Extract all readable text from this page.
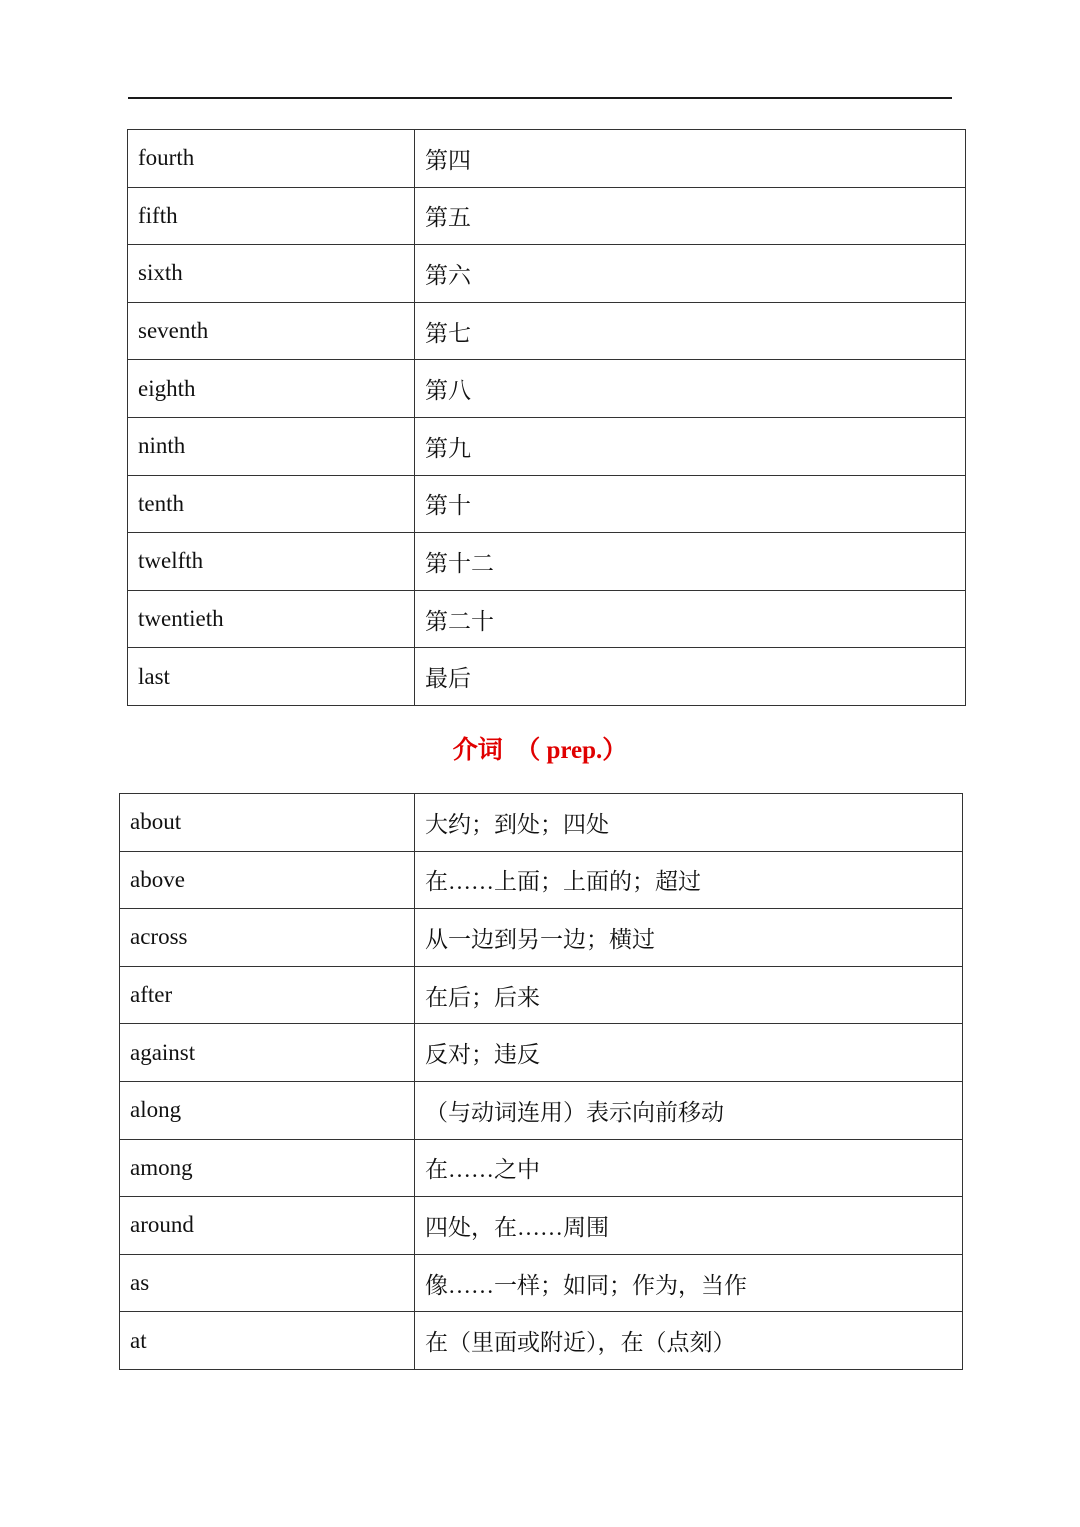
fourth	第四
fifth	第五
sixth	第六
seventh	第七
eighth	第八
ninth	第九
tenth	第十
twelfth	第十二
twentieth	第二十
last	最后
介词　（ prep.）
about	大约；到处；四处
above	在……上面；上面的；超过
across	从一边到另一边；横过
after	在后；后来
against	反对；违反
along	（与动词连用）表示向前移动
among	在……之中
around	四处，在……周围
as	像……一样；如同；作为，当作
at	在（里面或附近），在（点刻）
